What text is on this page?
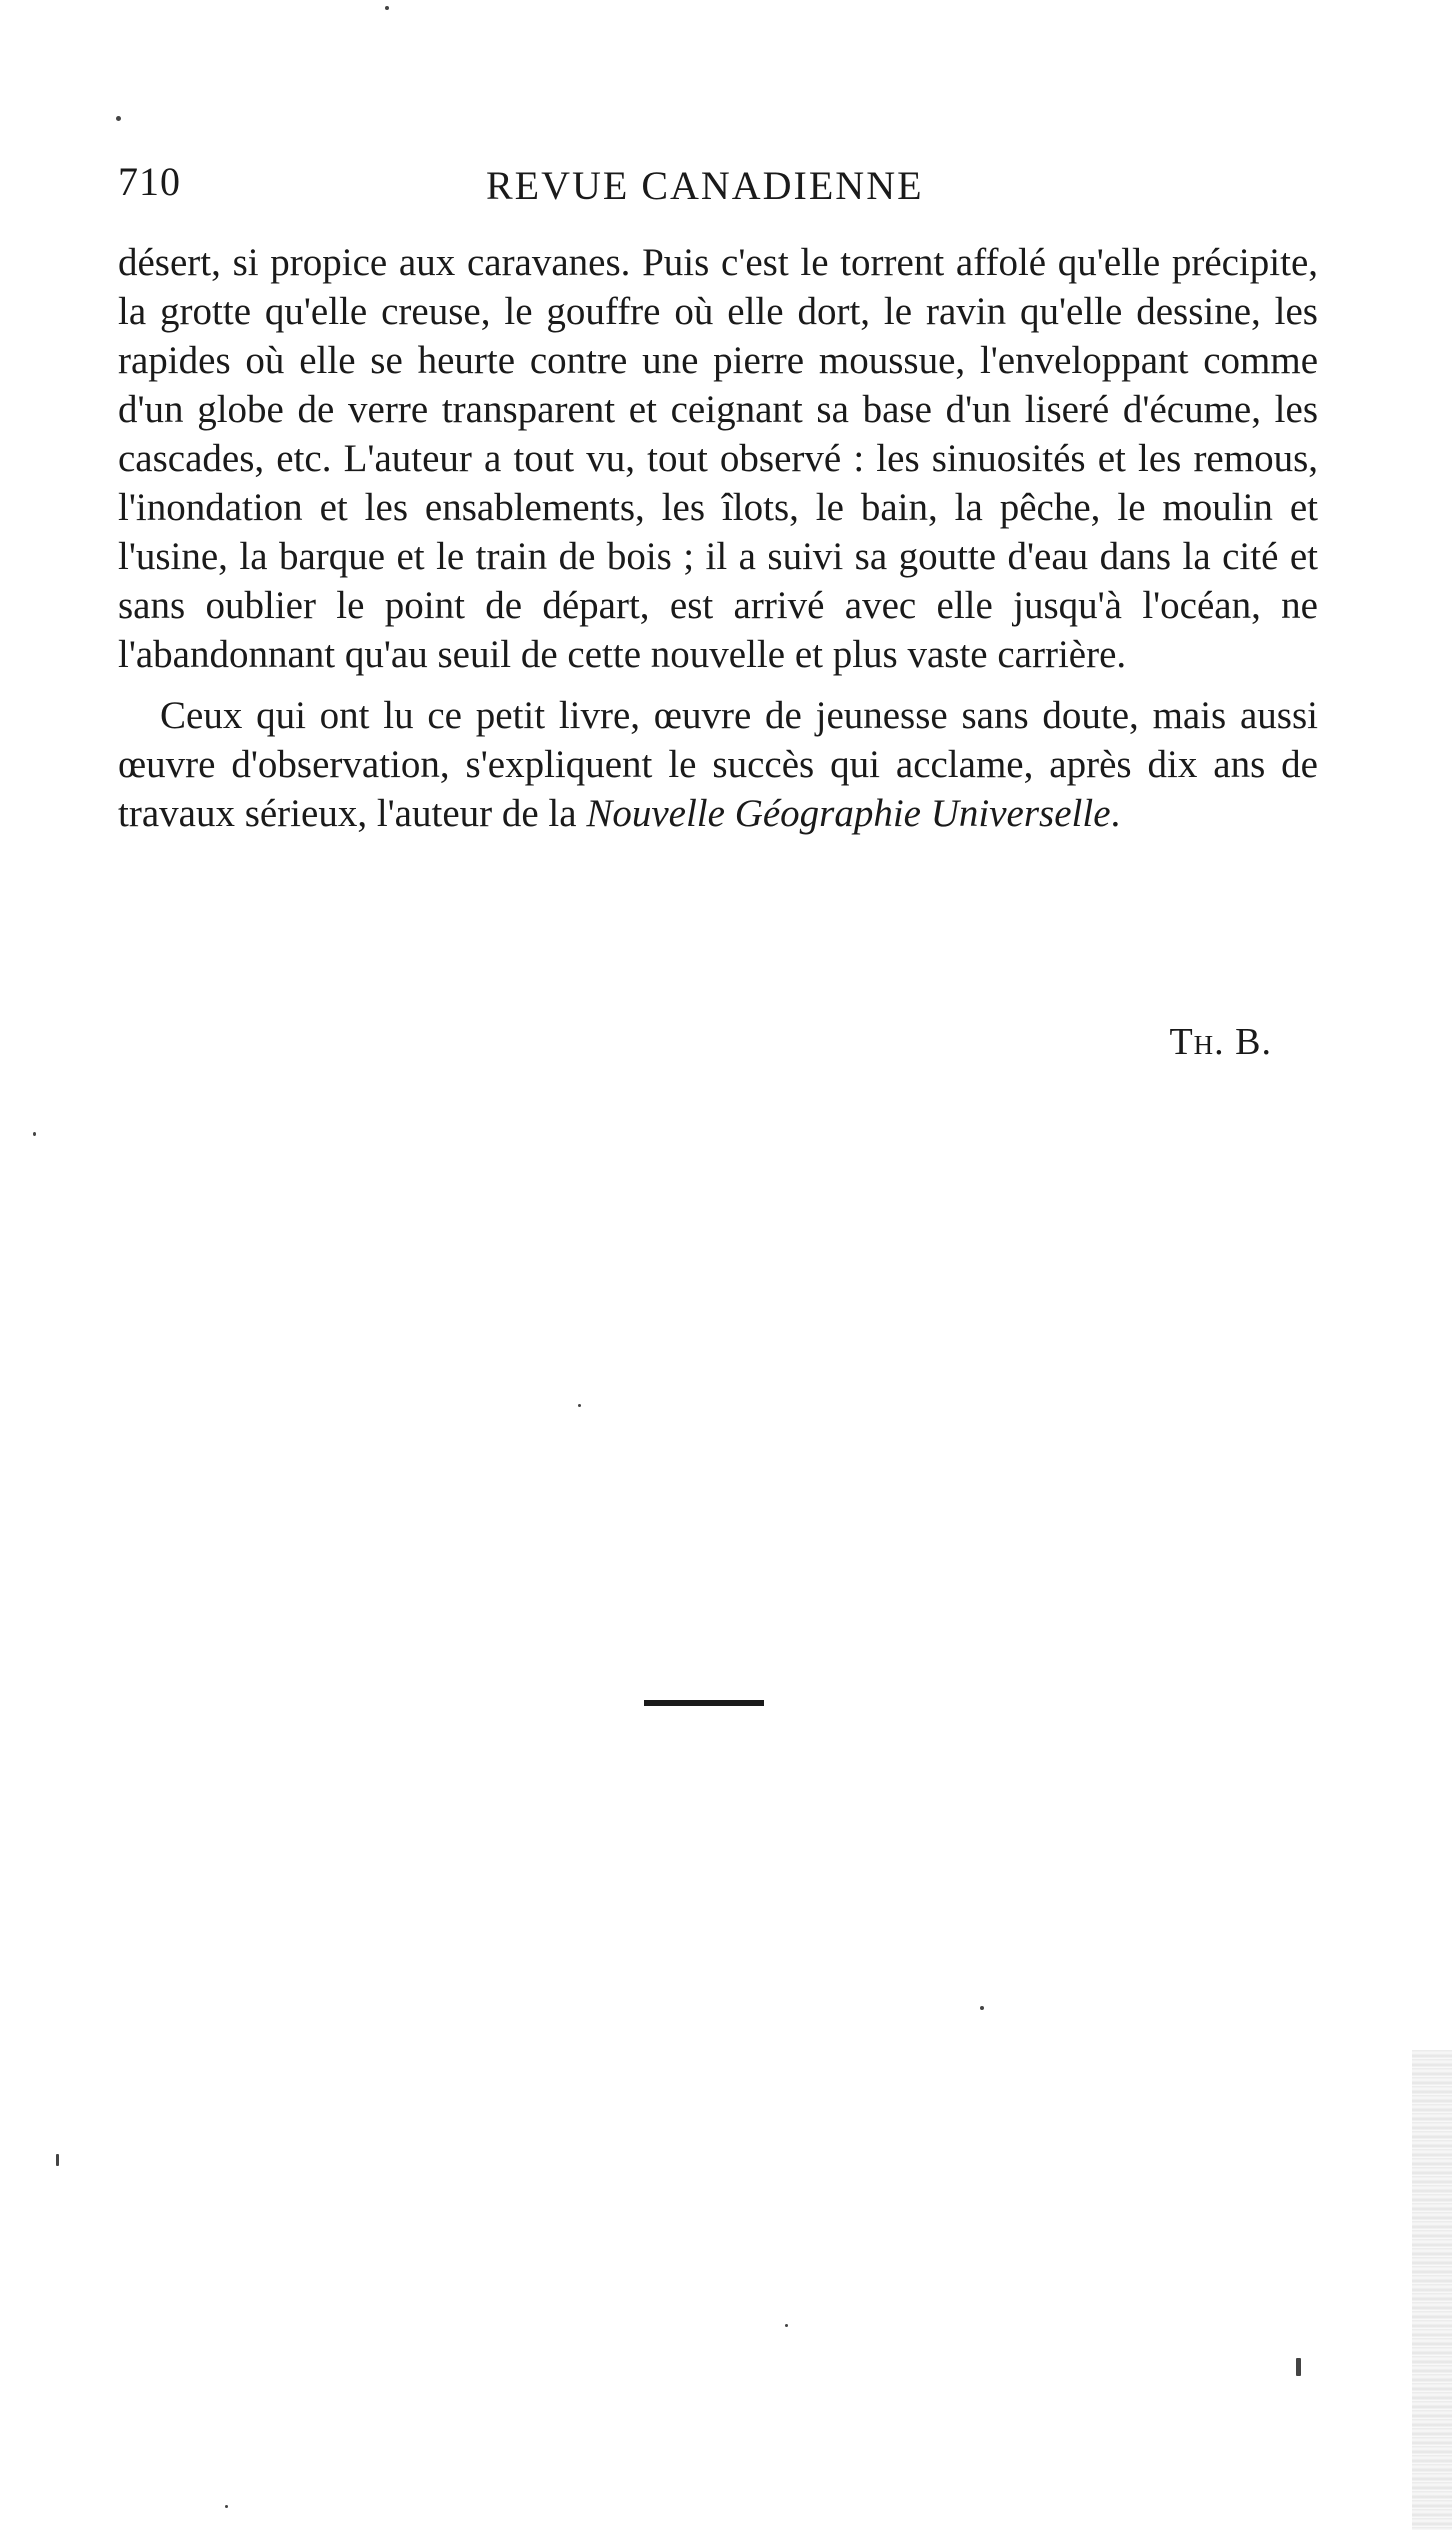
710	REVUE CANADIENNE

désert, si propice aux caravanes. Puis c'est le torrent affolé qu'elle précipite, la grotte qu'elle creuse, le gouffre où elle dort, le ravin qu'elle dessine, les rapides où elle se heurte contre une pierre moussue, l'enveloppant comme d'un globe de verre transparent et ceignant sa base d'un liseré d'écume, les cascades, etc. L'auteur a tout vu, tout observé : les sinuosités et les remous, l'inondation et les ensablements, les îlots, le bain, la pêche, le moulin et l'usine, la barque et le train de bois ; il a suivi sa goutte d'eau dans la cité et sans oublier le point de départ, est arrivé avec elle jusqu'à l'océan, ne l'abandonnant qu'au seuil de cette nouvelle et plus vaste carrière.

Ceux qui ont lu ce petit livre, œuvre de jeunesse sans doute, mais aussi œuvre d'observation, s'expliquent le succès qui acclame, après dix ans de travaux sérieux, l'auteur de la Nouvelle Géographie Universelle.

Th. B.
